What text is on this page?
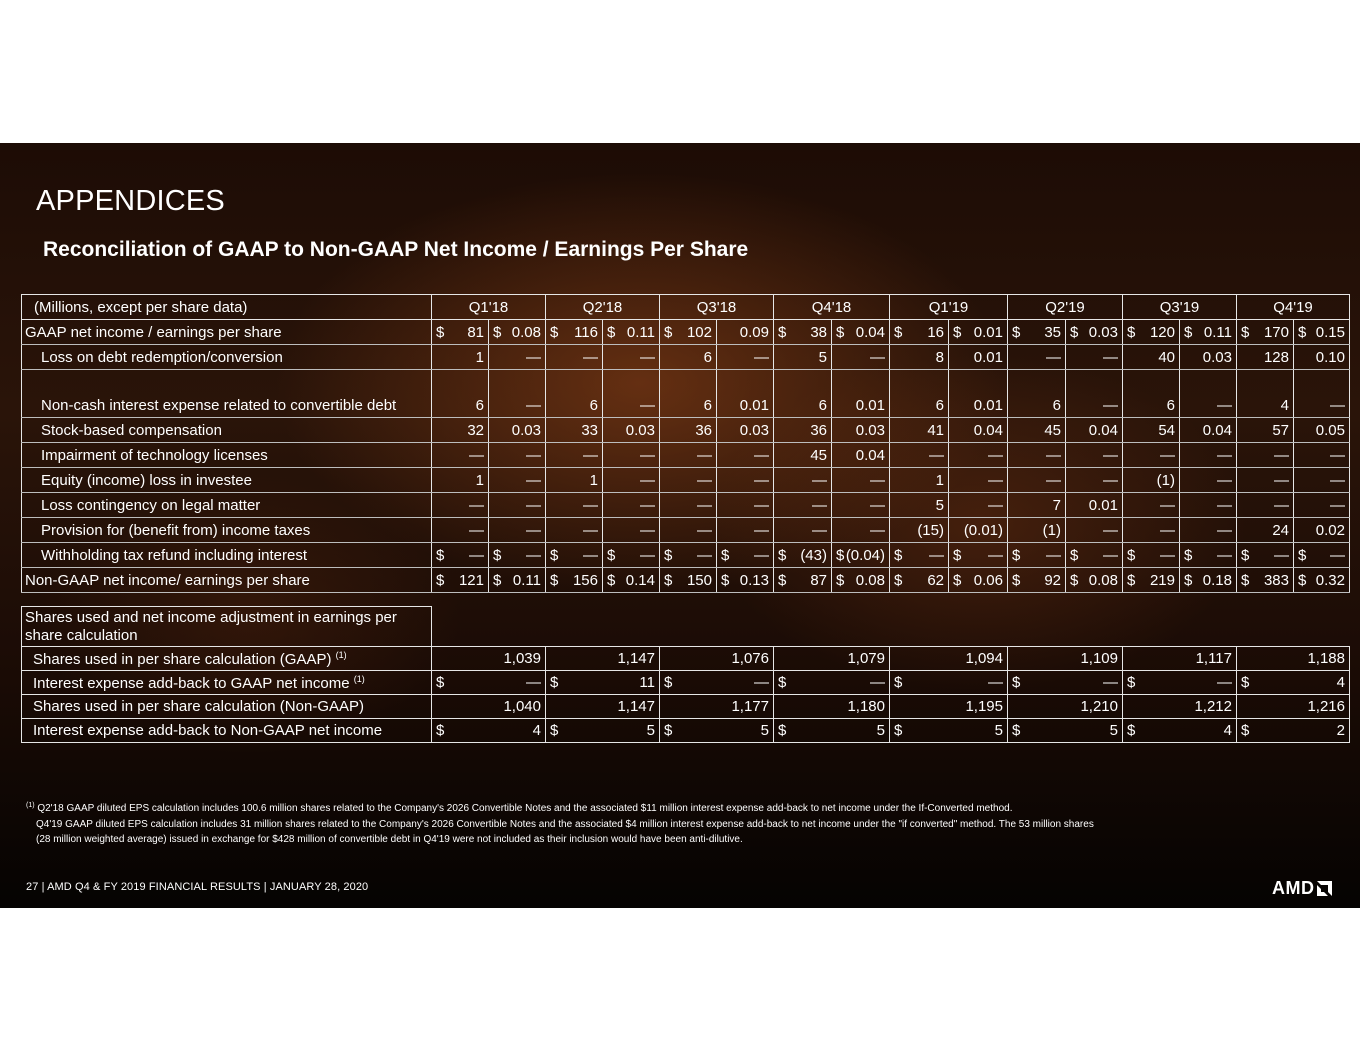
APPENDICES
Reconciliation of GAAP to Non-GAAP Net Income / Earnings Per Share
(Millions, except per share data)	Q1'18		Q2'18		Q3'18		Q4'18		Q1'19		Q2'19		Q3'19		Q4'19	
GAAP net income / earnings per share	$ 81	$ 0.08	$ 116	$ 0.11	$ 102	0.09	$ 38	$ 0.04	$ 16	$ 0.01	$ 35	$ 0.03	$ 120	$ 0.11	$ 170	$ 0.15

Loss on debt redemption/conversion	1	—	—	—	6	—	5	—	8	0.01	—	—	40	0.03	128	0.10
Non-cash interest expense related to convertible debt	6	—	6	—	6	0.01	6	0.01	6	0.01	6	—	6	—	4	—
Stock-based compensation	32	0.03	33	0.03	36	0.03	36	0.03	41	0.04	45	0.04	54	0.04	57	0.05
Impairment of technology licenses	—	—	—	—	—	—	45	0.04	—	—	—	—	—	—	—	—
Equity (income) loss in investee	1	—	1	—	—	—	—	—	1	—	—	—	(1)	—	—	—
Loss contingency on legal matter	—	—	—	—	—	—	—	—	5	—	7	0.01	—	—	—	—
Provision for (benefit from) income taxes	—	—	—	—	—	—	—	—	(15)	(0.01)	(1)	—	—	—	24	0.02
Withholding tax refund including interest	$ —	$ —	$ —	$ —	$ —	$ —	$ (43)	$ (0.04)	$ —	$ —	$ —	$ —	$ —	$ —	$ —	$ —

Non-GAAP net income/ earnings per share	$ 121	$ 0.11	$ 156	$ 0.14	$ 150	$ 0.13	$ 87	$ 0.08	$ 62	$ 0.06	$ 92	$ 0.08	$ 219	$ 0.18	$ 383	$ 0.32
Shares used and net income adjustment in earnings per share calculation								
Shares used in per share calculation (GAAP) $^{(1)}$	1,039	1,147	1,076	1,079	1,094	1,109	1,117	1,188
Interest expense add-back to GAAP net income $^{(1)}$	$ —	$ 11	$ —	$ —	$ —	$ —	$ —	$ 4

Shares used in per share calculation (Non-GAAP)	1,040	1,147	1,177	1,180	1,195	1,210	1,212	1,216
Interest expense add-back to Non-GAAP net income	$ 4	$ 5	$ 5	$ 5	$ 5	$ 5	$ 4	$ 2
$^{(1)}$ Q2'18 GAAP diluted EPS calculation includes 100.6 million shares related to the Company's 2026 Convertible Notes and the associated $11 million interest expense add-back to net income under the If-Converted method.
Q4'19 GAAP diluted EPS calculation includes 31 million shares related to the Company's 2026 Convertible Notes and the associated $4 million interest expense add-back to net income under the "if converted" method. The 53 million shares
(28 million weighted average) issued in exchange for $428 million of convertible debt in Q4'19 were not included as their inclusion would have been anti-dilutive.
27 | AMD Q4 & FY 2019 FINANCIAL RESULTS | JANUARY 28, 2020	AMD
